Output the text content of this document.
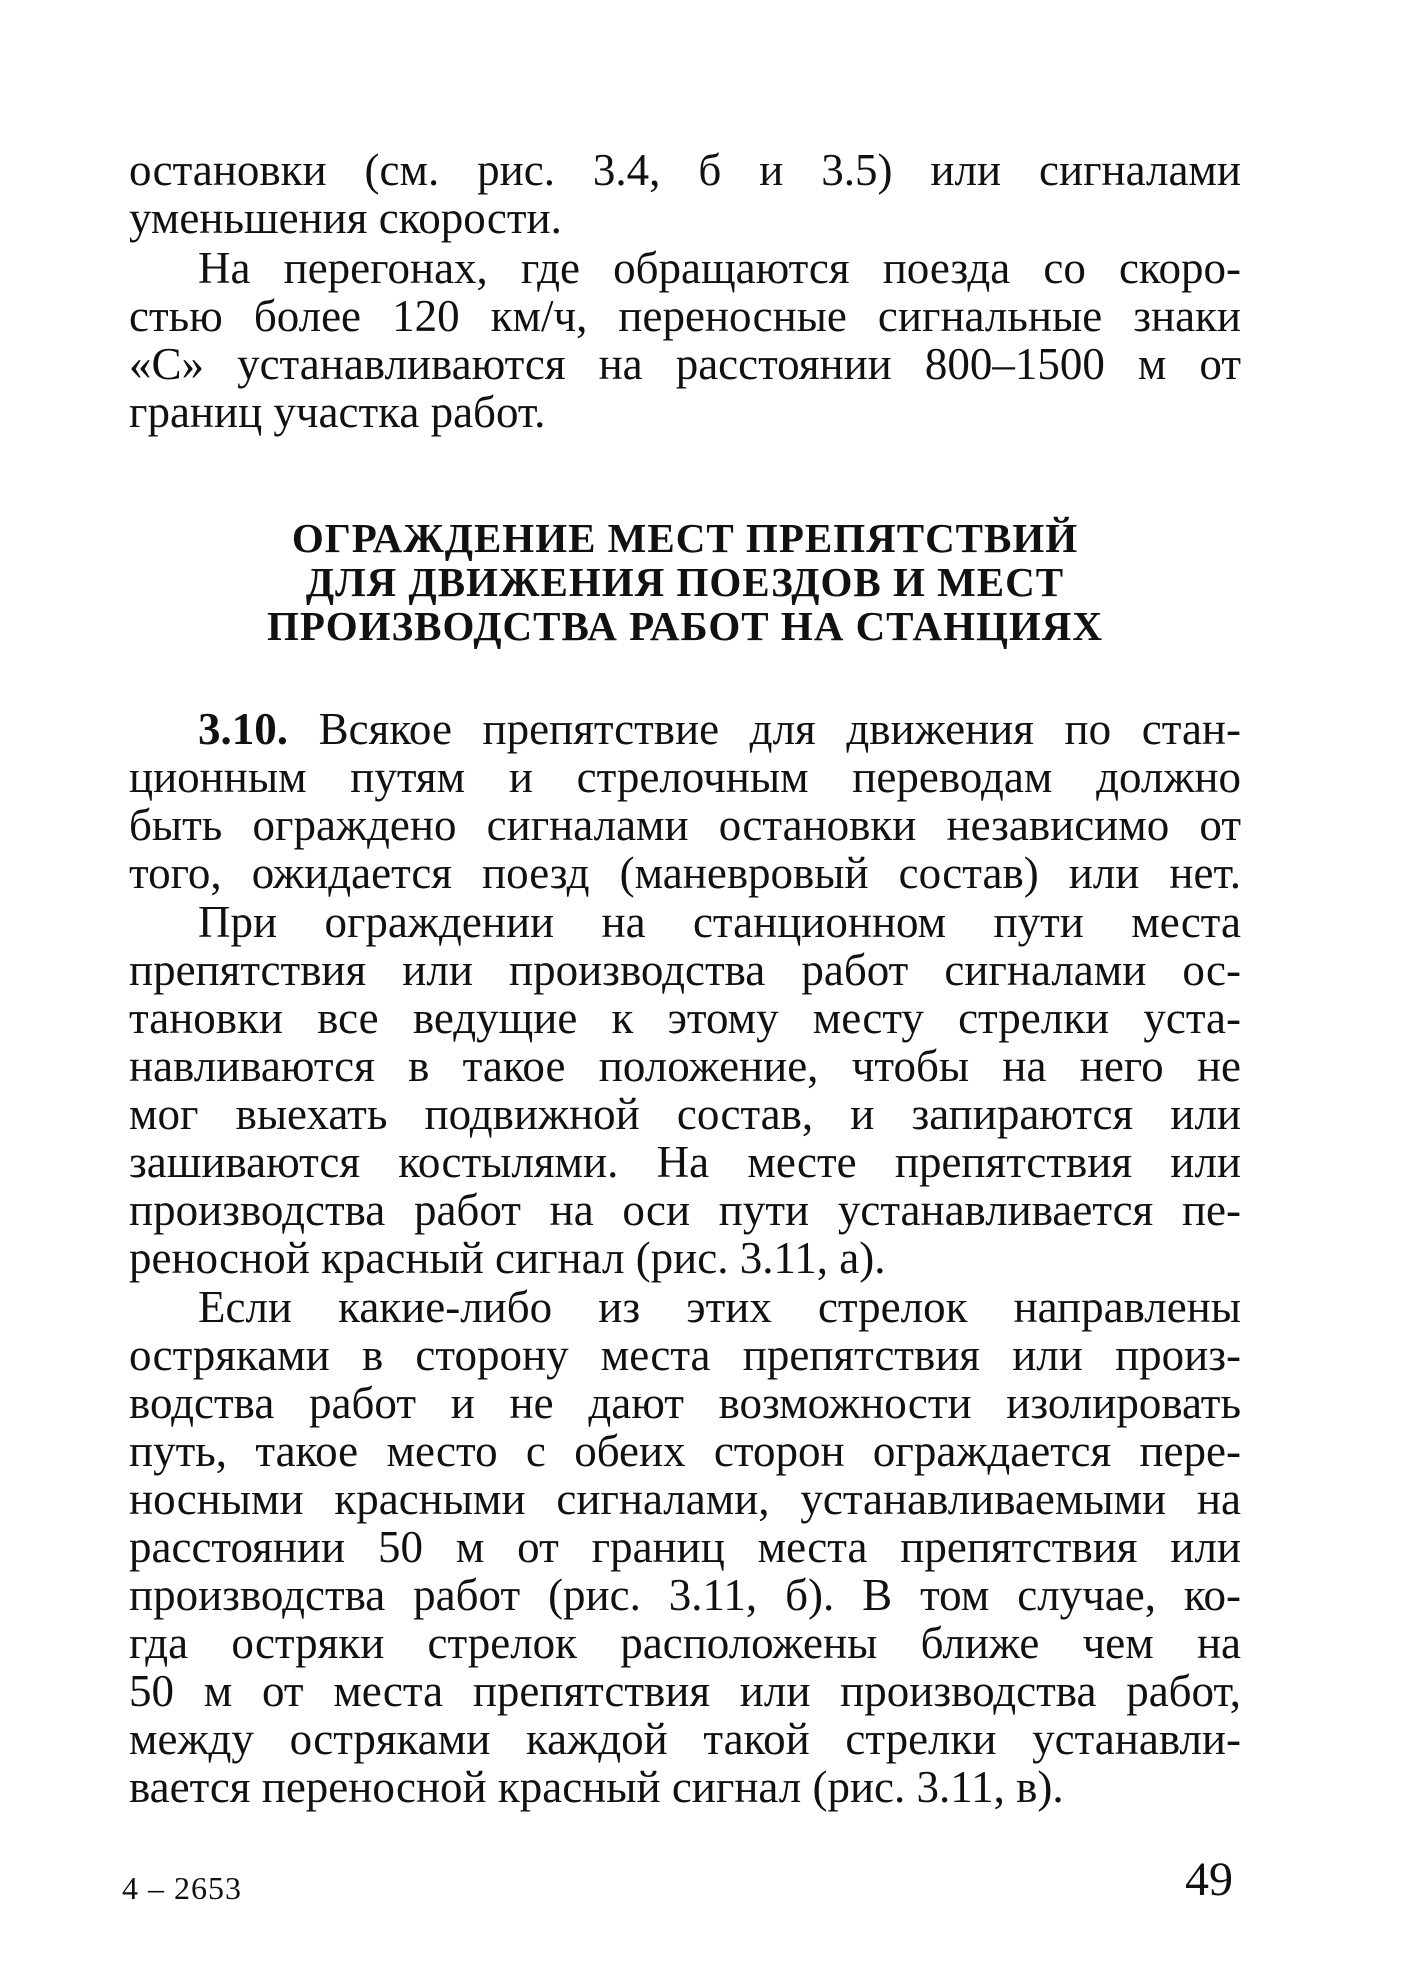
остановки (см. рис. 3.4, б и 3.5) или сигналами
уменьшения скорости.
На перегонах, где обращаются поезда со скоро-
стью более 120 км/ч, переносные сигнальные знаки
«С» устанавливаются на расстоянии 800–1500 м от
границ участка работ.
ОГРАЖДЕНИЕ МЕСТ ПРЕПЯТСТВИЙ
ДЛЯ ДВИЖЕНИЯ ПОЕЗДОВ И МЕСТ
ПРОИЗВОДСТВА РАБОТ НА СТАНЦИЯХ
3.10. Всякое препятствие для движения по стан-
ционным путям и стрелочным переводам должно
быть ограждено сигналами остановки независимо от
того, ожидается поезд (маневровый состав) или нет.
При ограждении на станционном пути места
препятствия или производства работ сигналами ос-
тановки все ведущие к этому месту стрелки уста-
навливаются в такое положение, чтобы на него не
мог выехать подвижной состав, и запираются или
зашиваются костылями. На месте препятствия или
производства работ на оси пути устанавливается пе-
реносной красный сигнал (рис. 3.11, а).
Если какие-либо из этих стрелок направлены
остряками в сторону места препятствия или произ-
водства работ и не дают возможности изолировать
путь, такое место с обеих сторон ограждается пере-
носными красными сигналами, устанавливаемыми на
расстоянии 50 м от границ места препятствия или
производства работ (рис. 3.11, б). В том случае, ко-
гда остряки стрелок расположены ближе чем на
50 м от места препятствия или производства работ,
между остряками каждой такой стрелки устанавли-
вается переносной красный сигнал (рис. 3.11, в).
4 – 2653	49
